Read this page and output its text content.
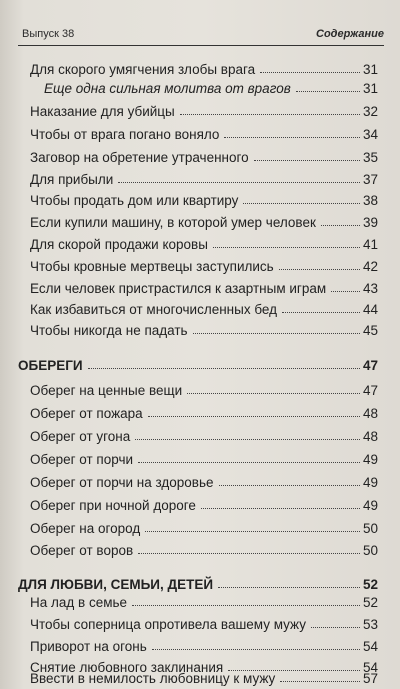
Выпуск 38	Содержание
Для скорого умягчения злобы врага	31
Еще одна сильная молитва от врагов	31
Наказание для убийцы	32
Чтобы от врага погано воняло	34
Заговор на обретение утраченного	35
Для прибыли	37
Чтобы продать дом или квартиру	38
Если купили машину, в которой умер человек	39
Для скорой продажи коровы	41
Чтобы кровные мертвецы заступились	42
Если человек пристрастился к азартным играм	43
Как избавиться от многочисленных бед	44
Чтобы никогда не падать	45
ОБЕРЕГИ	47
Оберег на ценные вещи	47
Оберег от пожара	48
Оберег от угона	48
Оберег от порчи	49
Оберег от порчи на здоровье	49
Оберег при ночной дороге	49
Оберег на огород	50
Оберег от воров	50
ДЛЯ ЛЮБВИ, СЕМЬИ, ДЕТЕЙ	52
На лад в семье	52
Чтобы соперница опротивела вашему мужу	53
Приворот на огонь	54
Снятие любовного заклинания	54
Ввести в немилость любовницу к мужу	57
